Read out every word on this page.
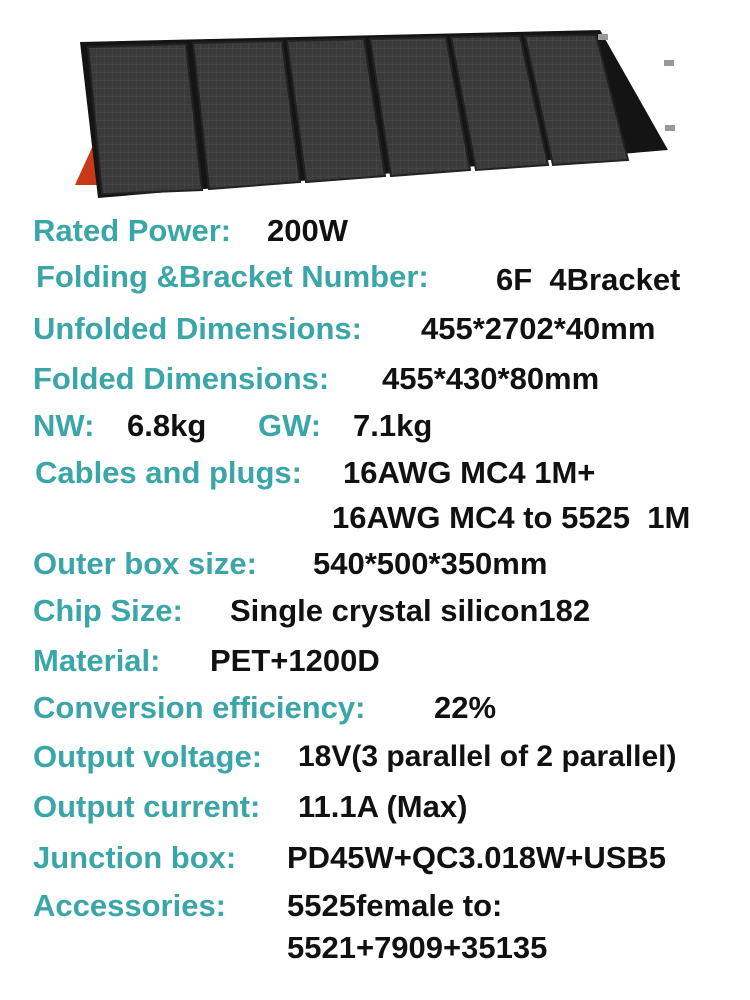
Rated Power: 200W
Folding &Bracket Number: 6F  4Bracket
Unfolded Dimensions: 455*2702*40mm
Folded Dimensions: 455*430*80mm
NW: 6.8kg GW: 7.1kg
Cables and plugs: 16AWG MC4 1M+
16AWG MC4 to 5525  1M
Outer box size: 540*500*350mm
Chip Size: Single crystal silicon182
Material: PET+1200D
Conversion efficiency: 22%
Output voltage: 18V(3 parallel of 2 parallel)
Output current: 11.1A (Max)
Junction box: PD45W+QC3.018W+USB5
Accessories: 5525female to:
5521+7909+35135
